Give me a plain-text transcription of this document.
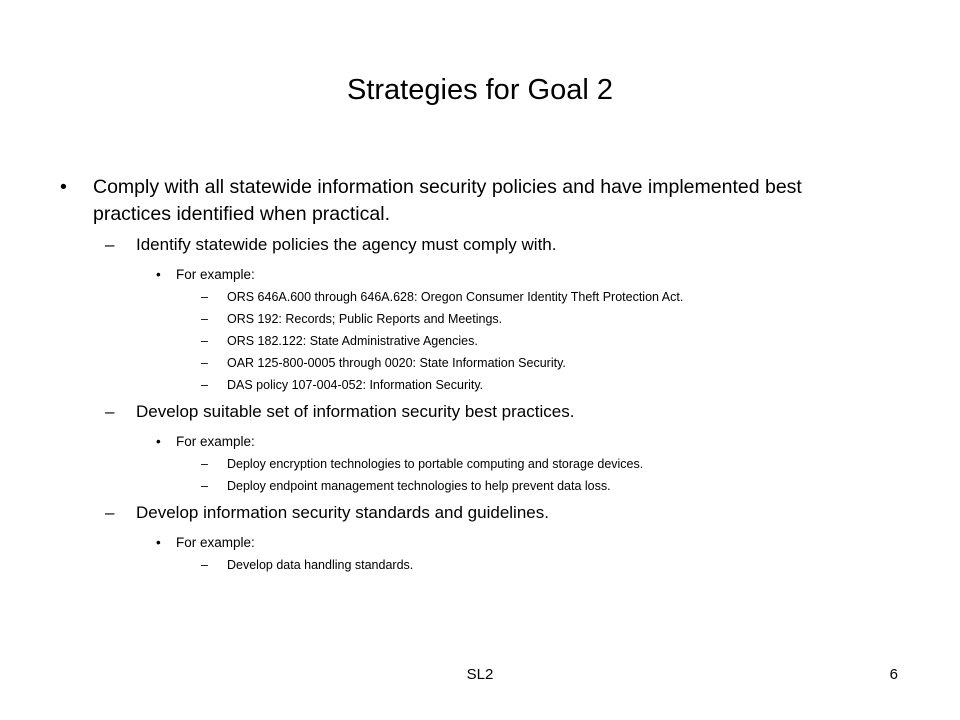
Strategies for Goal 2
• Comply with all statewide information security policies and have implemented best practices identified when practical.
– Identify statewide policies the agency must comply with.
• For example:
– ORS 646A.600 through 646A.628: Oregon Consumer Identity Theft Protection Act.
– ORS 192: Records; Public Reports and Meetings.
– ORS 182.122: State Administrative Agencies.
– OAR 125-800-0005 through 0020: State Information Security.
– DAS policy 107-004-052: Information Security.
– Develop suitable set of information security best practices.
• For example:
– Deploy encryption technologies to portable computing and storage devices.
– Deploy endpoint management technologies to help prevent data loss.
– Develop information security standards and guidelines.
• For example:
– Develop data handling standards.
SL2	6
